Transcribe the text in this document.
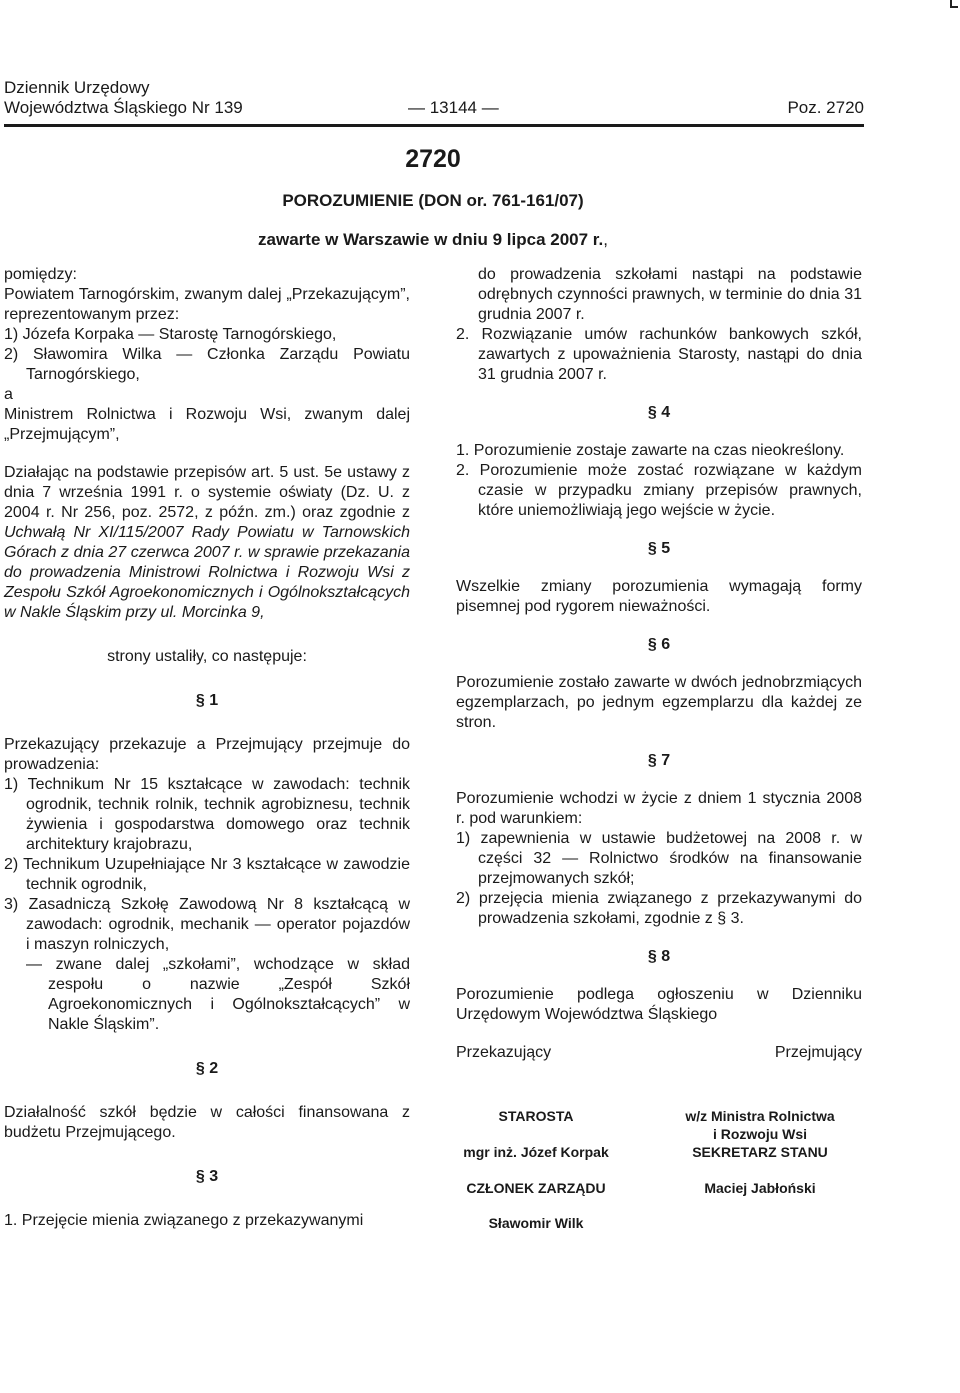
Dziennik Urzędowy
Województwa Śląskiego Nr 139	— 13144 —	Poz. 2720
2720
POROZUMIENIE (DON or. 761-161/07)
zawarte w Warszawie w dniu 9 lipca 2007 r.,

pomiędzy:

Powiatem Tarnogórskim, zwanym dalej „Przekazującym”, reprezentowanym przez:

1) Józefa Korpaka — Starostę Tarnogórskiego,

2) Sławomira Wilka — Członka Zarządu Powiatu Tarnogórskiego,

a

Ministrem Rolnictwa i Rozwoju Wsi, zwanym dalej „Przejmującym”,

Działając na podstawie przepisów art. 5 ust. 5e ustawy z dnia 7 września 1991 r. o systemie oświaty (Dz. U. z 2004 r. Nr 256, poz. 2572, z późn. zm.) oraz zgodnie z Uchwałą Nr XI/115/2007 Rady Powiatu w Tarnowskich Górach z dnia 27 czerwca 2007 r. w sprawie przekazania do prowadzenia Ministrowi Rolnictwa i Rozwoju Wsi z Zespołu Szkół Agroekonomicznych i Ogólnokształcących w Nakle Śląskim przy ul. Morcinka 9,

strony ustaliły, co następuje:

§ 1

Przekazujący przekazuje a Przejmujący przejmuje do prowadzenia:

1) Technikum Nr 15 kształcące w zawodach: technik ogrodnik, technik rolnik, technik agrobiznesu, technik żywienia i gospodarstwa domowego oraz technik architektury krajobrazu,

2) Technikum Uzupełniające Nr 3 kształcące w zawodzie technik ogrodnik,

3) Zasadniczą Szkołę Zawodową Nr 8 kształcącą w zawodach: ogrodnik, mechanik — operator pojazdów i maszyn rolniczych,

— zwane dalej „szkołami”, wchodzące w skład zespołu o nazwie „Zespół Szkół Agroekonomicznych i Ogólnokształcących” w Nakle Śląskim”.

§ 2

Działalność szkół będzie w całości finansowana z budżetu Przejmującego.

§ 3

1. Przejęcie mienia związanego z przekazywanymi

do prowadzenia szkołami nastąpi na podstawie odrębnych czynności prawnych, w terminie do dnia 31 grudnia 2007 r.

2. Rozwiązanie umów rachunków bankowych szkół, zawartych z upoważnienia Starosty, nastąpi do dnia 31 grudnia 2007 r.

§ 4

1. Porozumienie zostaje zawarte na czas nieokreślony.

2. Porozumienie może zostać rozwiązane w każdym czasie w przypadku zmiany przepisów prawnych, które uniemożliwiają jego wejście w życie.

§ 5

Wszelkie zmiany porozumienia wymagają formy pisemnej pod rygorem nieważności.

§ 6

Porozumienie zostało zawarte w dwóch jednobrzmiących egzemplarzach, po jednym egzemplarzu dla każdej ze stron.

§ 7

Porozumienie wchodzi w życie z dniem 1 stycznia 2008 r. pod warunkiem:

1) zapewnienia w ustawie budżetowej na 2008 r. w części 32 — Rolnictwo środków na finansowanie przejmowanych szkół;

2) przejęcia mienia związanego z przekazywanymi do prowadzenia szkołami, zgodnie z § 3.

§ 8

Porozumienie podlega ogłoszeniu w Dzienniku Urzędowym Województwa Śląskiego

Przekazujący	Przejmujący

STAROSTA
mgr inż. Józef Korpak
CZŁONEK ZARZĄDU
Sławomir Wilk
w/z Ministra Rolnictwa
i Rozwoju Wsi
SEKRETARZ STANU
Maciej Jabłoński
